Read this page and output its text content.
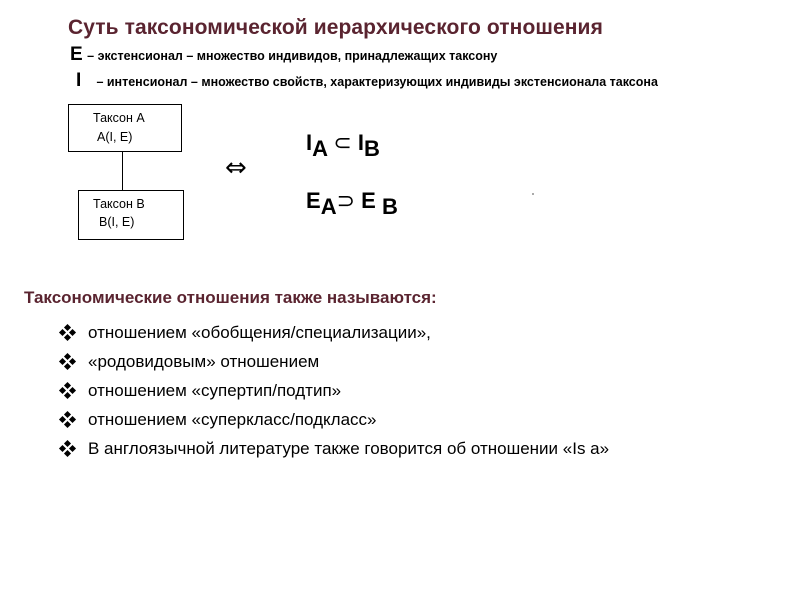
Суть таксономической иерархического отношения
E – экстенсионал – множество индивидов, принадлежащих таксону
I – интенсионал – множество свойств, характеризующих индивиды экстенсионала таксона
Таксон А
A(I, E)
Таксон В
B(I, E)
⇔
IA ⊂ IB
EA⊃ E B
Таксономические отношения также называются:
отношением «обобщения/специализации»,
«родовидовым» отношением
отношением «супертип/подтип»
отношением «суперкласс/подкласс»
В англоязычной литературе также говорится об отношении «Is a»
